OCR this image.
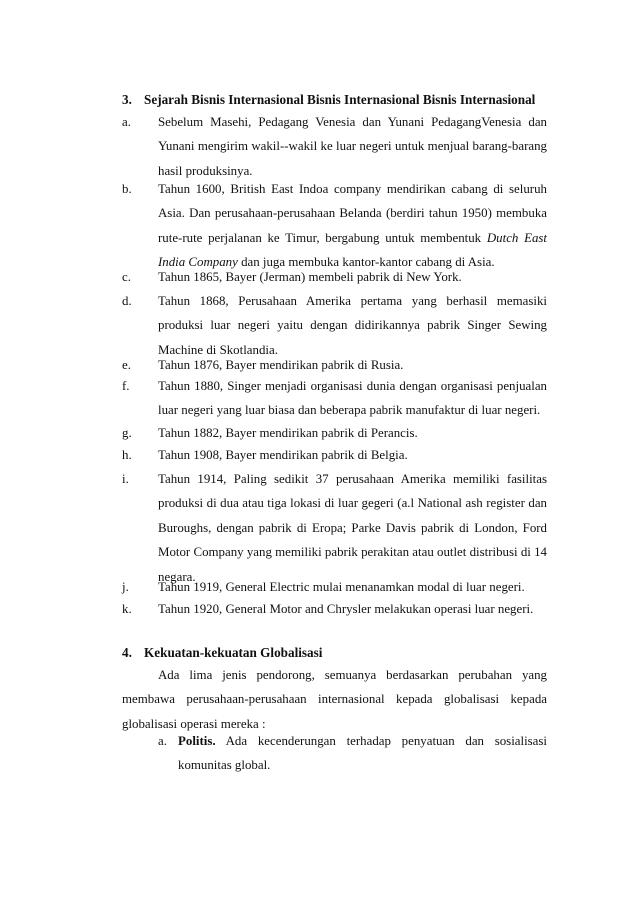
3. Sejarah Bisnis Internasional Bisnis Internasional Bisnis Internasional
a. Sebelum Masehi, Pedagang Venesia dan Yunani PedagangVenesia dan Yunani mengirim wakil--wakil ke luar negeri untuk menjual barang-barang hasil produksinya.
b. Tahun 1600, British East Indoa company mendirikan cabang di seluruh Asia. Dan perusahaan-perusahaan Belanda (berdiri tahun 1950) membuka rute-rute perjalanan ke Timur, bergabung untuk membentuk Dutch East India Company dan juga membuka kantor-kantor cabang di Asia.
c. Tahun 1865, Bayer (Jerman) membeli pabrik di New York.
d. Tahun 1868, Perusahaan Amerika pertama yang berhasil memasiki produksi luar negeri yaitu dengan didirikannya pabrik Singer Sewing Machine di Skotlandia.
e. Tahun 1876, Bayer mendirikan pabrik di Rusia.
f. Tahun 1880, Singer menjadi organisasi dunia dengan organisasi penjualan luar negeri yang luar biasa dan beberapa pabrik manufaktur di luar negeri.
g. Tahun 1882, Bayer mendirikan pabrik di Perancis.
h. Tahun 1908, Bayer mendirikan pabrik di Belgia.
i. Tahun 1914, Paling sedikit 37 perusahaan Amerika memiliki fasilitas produksi di dua atau tiga lokasi di luar gegeri (a.l National ash register dan Buroughs, dengan pabrik di Eropa; Parke Davis pabrik di London, Ford Motor Company yang memiliki pabrik perakitan atau outlet distribusi di 14 negara.
j. Tahun 1919, General Electric mulai menanamkan modal di luar negeri.
k. Tahun 1920, General Motor and Chrysler melakukan operasi luar negeri.
4. Kekuatan-kekuatan Globalisasi
Ada lima jenis pendorong, semuanya berdasarkan perubahan yang membawa perusahaan-perusahaan internasional kepada globalisasi kepada globalisasi operasi mereka :
a. Politis. Ada kecenderungan terhadap penyatuan dan sosialisasi komunitas global.
